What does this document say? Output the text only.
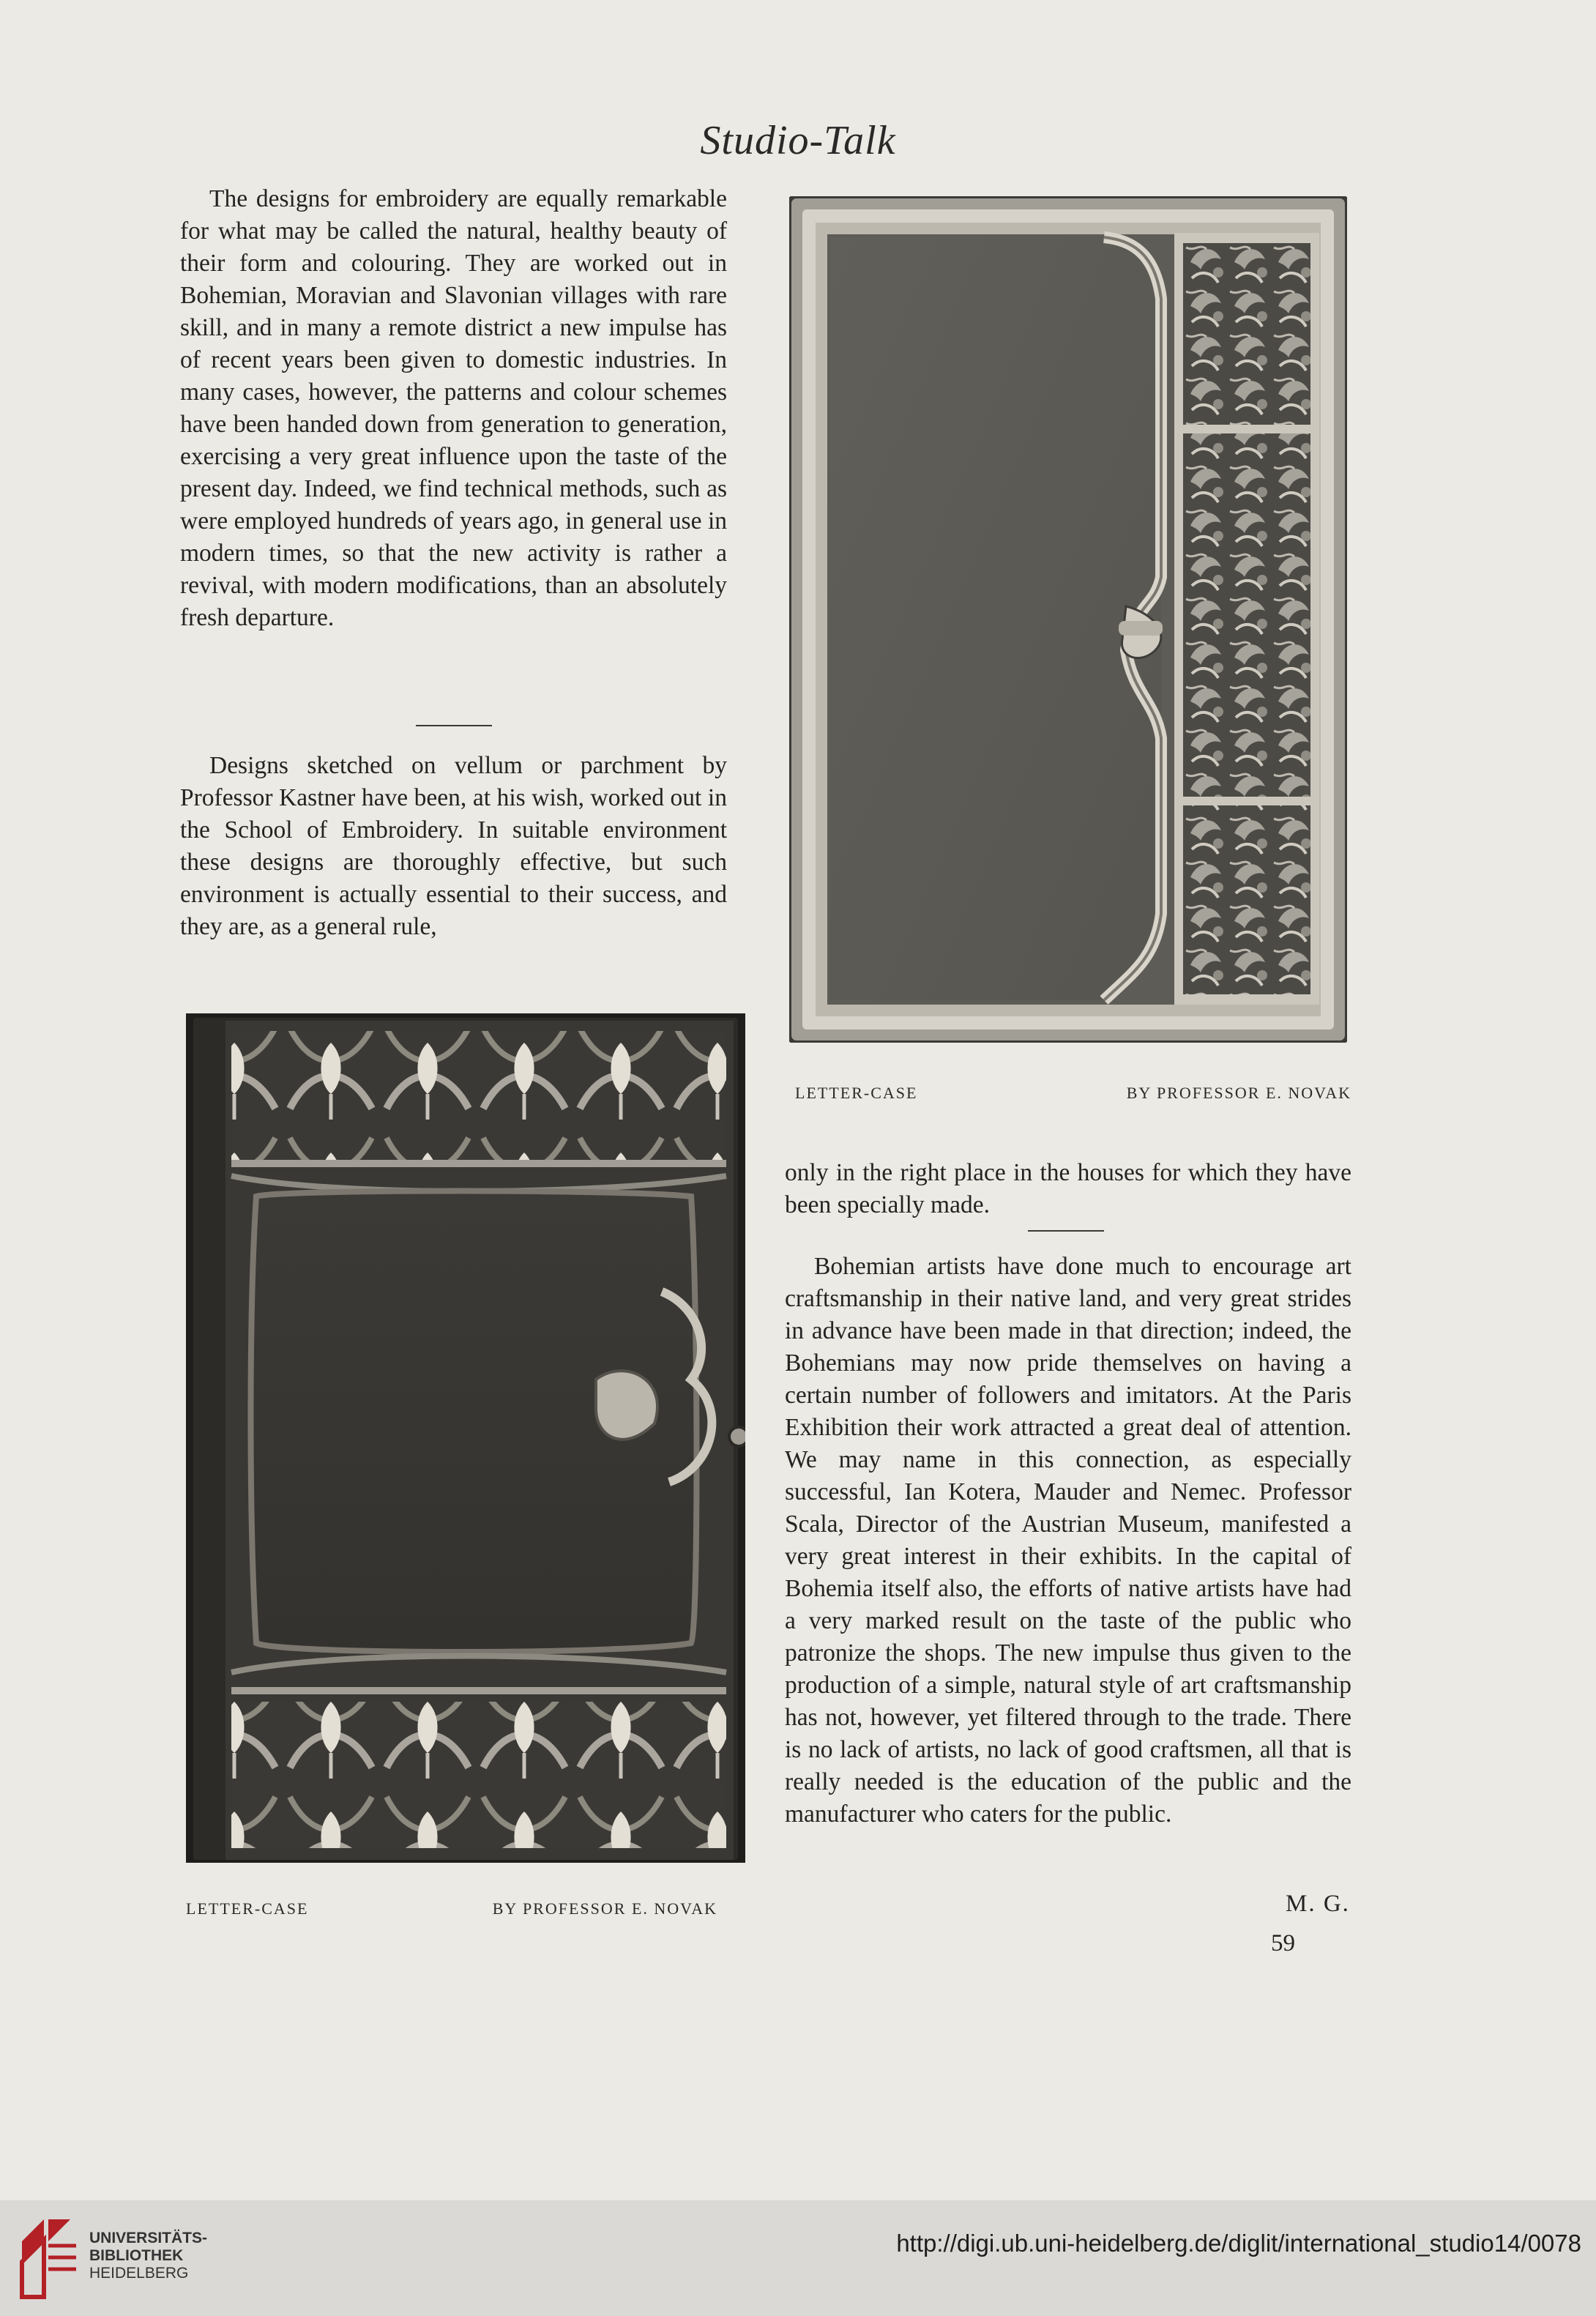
Studio-Talk

The designs for embroidery are equally remarkable for what may be called the natural, healthy beauty of their form and colouring. They are worked out in Bohemian, Moravian and Slavonian villages with rare skill, and in many a remote district a new impulse has of recent years been given to domestic industries. In many cases, however, the patterns and colour schemes have been handed down from generation to generation, exercising a very great influence upon the taste of the present day. Indeed, we find technical methods, such as were employed hundreds of years ago, in general use in modern times, so that the new activity is rather a revival, with modern modifications, than an absolutely fresh departure.

Designs sketched on vellum or parchment by Professor Kastner have been, at his wish, worked out in the School of Embroidery. In suitable environment these designs are thoroughly effective, but such environment is actually essential to their success, and they are, as a general rule,

LETTER-CASE	BY PROFESSOR E. NOVAK

only in the right place in the houses for which they have been specially made.

Bohemian artists have done much to encourage art craftsmanship in their native land, and very great strides in advance have been made in that direction; indeed, the Bohemians may now pride themselves on having a certain number of followers and imitators. At the Paris Exhibition their work attracted a great deal of attention. We may name in this connection, as especially successful, Ian Kotera, Mauder and Nemec. Professor Scala, Director of the Austrian Museum, manifested a very great interest in their exhibits. In the capital of Bohemia itself also, the efforts of native artists have had a very marked result on the taste of the public who patronize the shops. The new impulse thus given to the production of a simple, natural style of art craftsmanship has not, however, yet filtered through to the trade. There is no lack of artists, no lack of good craftsmen, all that is really needed is the education of the public and the manufacturer who caters for the public.

M. G.
59
LETTER-CASE	BY PROFESSOR E. NOVAK
UNIVERSITÄTS-
BIBLIOTHEK
HEIDELBERG
http://digi.ub.uni-heidelberg.de/diglit/international_studio14/0078
